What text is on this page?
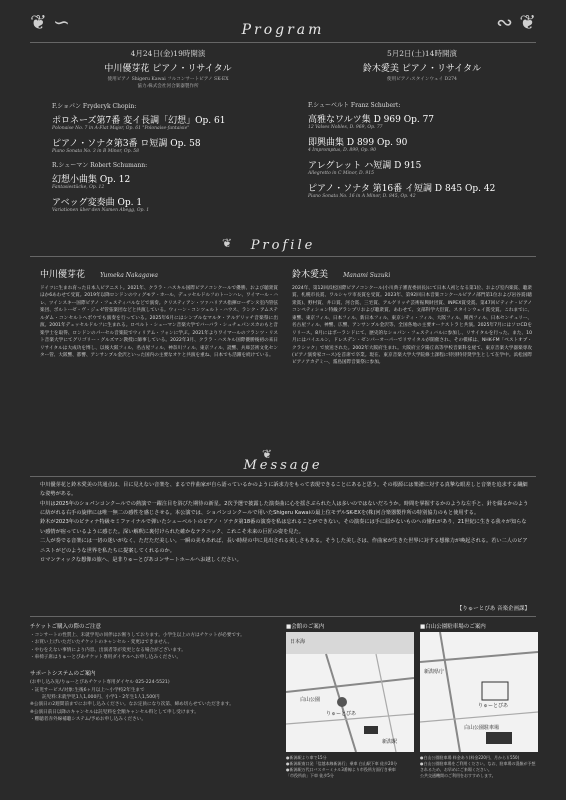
❦ ∽	∾ ❦
Program
4月24日(金)19時開演
中川優芽花 ピアノ・リサイタル
使用ピアノ Shigeru Kawai フルコンサートピアノ SK-EX
協力:株式会社河合楽器製作所
F.ショパン Fryderyk Chopin:
ポロネーズ第7番 変イ長調「幻想」Op. 61
Polonaise No. 7 in A-Flat Major, Op. 61 "Polonaise-fantaisie"
ピアノ・ソナタ第3番 ロ短調 Op. 58
Piano Sonata No. 3 in B Minor, Op. 58
R.シューマン Robert Schumann:
幻想小曲集 Op. 12
Fantasiestücke, Op. 12
アベッグ変奏曲 Op. 1
Variationen über den Namen Abegg, Op. 1
5月2日(土)14時開演
鈴木愛美 ピアノ・リサイタル
使用ピアノ:スタインウェイ D274
F.シューベルト Franz Schubert:
高雅なワルツ集 D 969 Op. 77
12 Valses Nobles, D. 969, Op. 77
即興曲集 D 899 Op. 90
4 Impromptus, D. 899, Op. 90
アレグレット ハ短調 D 915
Allegretto in C Minor, D. 915
ピアノ・ソナタ 第16番 イ短調 D 845 Op. 42
Piano Sonata No. 16 in A Minor, D. 845, Op. 42
❦	Profile
中川優芽花	Yumeka Nakagawa
ドイツに生まれ育った日本人ピアニスト。2021年、クララ・ハスキル国際ピアノコンクールで優勝、および聴衆賞ほか6あわせて受賞。2019年以降ロンドンのウィグモア・ホール、デュッセルドルフのトーンハレ、ワイマール・ハレ、ツインスキー国際ピアノ・フェスティバルなどで演奏。クリスティアン・ツァハリアス指揮ローザンヌ室内管弦楽団、ボルトーゼ・ヴ・ジュゼ管弦楽団などと共演している。ウィーン・コンツェルト・ハウス、ランク・アムステルダム・コンセルトヘボウでも演奏を行っている。2025年6月にはシンプルなマルタ・アルゲリッチ音楽祭に出演。2001年デュッセルドルフに生まれる。ロベルト・シューマン音楽大学でバーバラ・シュチェパンスカのもと音楽学士を取得、ロンドンのパーセル音楽院でウィリアム・フォンに学ぶ。2021年よりワイマールのフランツ・リスト音楽大学にてグリゴリー・グルズマン教授に師事している。2022年3月、クララ・ハスキル国際優勝後初の来日リサイタルは大成功を博し、以後大阪フィル、名古屋フィル、神奈川フィル、東京フィル、読響、兵庫芸術文化センター管、大阪響、都響、アンサンブル金沢といった国内の主要なオケと共演を重ね、日本でも活躍を続けている。
鈴木愛美	Manami Suzuki
2024年、第12回浜松国際ピアノコンクール(小川典子審査委員長)にて日本人初となる第1位、および室内楽賞、聴衆賞、札幌市長賞、ワルシャワ市長賞を受賞。2023年、第92回日本音楽コンクールピアノ部門第1位および岩谷賞(聴衆賞)、野村賞、井口賞、河合賞、三宅賞、アルゲリッチ芸術振興財団賞、INPEX賞受賞。第47回ピティナ・ピアノコンペティション特級グランプリおよび聴衆賞、あわせて、文部科学大臣賞、スタインウェイ賞受賞。これまでに、東響、東京フィル、日本フィル、新日本フィル、東京シティ・フィル、大阪フィル、関西フィル、日本センチュリー、名古屋フィル、神響、広響、アンサンブル金沢等、全国各地の主要オーケストラと共演。2025年7月にはソロCDをリリース。8月にはポーランドにて、歴史的なショパン・フェスティバルに参加し、リサイタルを行った。また、10月にはバイエルン、ドレスデン・ゼンパーオーパーでリサイタルが開催され、その模様は、NHK-FM「ベストオブ・クラシック」で放送された。2002年大阪府生まれ。大阪府立夕陽丘高等学校音楽科を経て、東京音楽大学器楽専攻(ピアノ演奏家コース)を首席で卒業。現在、東京音楽大学大学院修士課程に特別特待奨学生として在学中。浜松国際ピアノアカデミー、霧島国際音楽祭に参加。
❦
Message
中川優芽花と鈴木愛美の共通点は、目に見えない音楽を、まるで作曲家が自ら語っているかのように訴求力をもって表現できることにあると思う。その根源には楽譜に対する真摯な眼差しと音楽を追求する繊細な姿勢がある。
中川は2025年のショパンコンクールでの熱演で一躍注目を浴びた期待の新星。2次予選で披露した演奏曲に心を揺さぶられた人は多いのではないだろうか。時間を掌握するかのような左手と、針を綴るかのように紡がれる右手の旋律には唯一無二の感性を感じさせる。本公演では、ショパンコンクールで用いたShigeru Kawaiの最上位モデルSK-EXを(株)河合楽器製作所の特別協力のもと使用する。
鈴木が2023年のピティナ特級セミファイナルで弾いたシューベルトのピアノ・ソナタ第18番の演奏を私は忘れることができない。その演奏には手に届かないものへの憧れがあり、21世紀に生きる我々が知らない感情が宿っているように感じた。深い解釈に裏付けられた確かなテクニック、これこそ未来の巨匠の姿を見た。
二人が奏でる音楽には一切の迷いがなく、ただただ美しい。一瞬の美もあれば、長い時経の中に見出される美しさもある。そうした美しさは、作曲家が生きた世界に対する想像力が喚起される。若い二人のピアニストがどのような世界を私たちに提案してくれるのか。
ロマンティックな想像の旅へ、是非りゅーとぴあコンサートホールへお越しください。
【りゅーとぴあ 音楽企画課】
チケットご購入の際のご注意
・コンサートの性質上、未就学児の同伴はお断りしております。小学生以上の方はチケットが必要です。
・お買い上げいただいたチケットのキャンセル・変更はできません。
・やむをえない事情により内容、出演者等が変更となる場合がございます。
・車椅子席はりゅーとぴあチケット専用ダイヤルへお申し込みください。
サポートシステムのご案内
(お申し込み先/りゅーとぴあチケット専用ダイヤル 025-224-5521)
・託児サービス/対象:生後6ヶ月以上～小学校2年生まで
託児料:未就学児1人1,000円、小学1・2年生1人1,500円
※公演日の2週間前までにお申し込みください。なお定員になり次第、締め切らせていただきます。
※公演日前日以降のキャンセルは託児料を全額キャンセル料として申し受けます。
・難聴者赤外線補聴システム/予めお申し込みください。
■会館のご案内
日本海
新潟駅
りゅーとぴあ
白山公園
●新潟駅より車で15分
●新潟駅南口発「信越本線新潟行」乗車 白山駅下車 徒歩20分
●新潟駅万代口バスターミナル3番線より市役所方面行き乗車
「市役所前」下車 徒歩5分
■白山公園駐車場のご案内
新潟県庁
りゅーとぴあ
白山公園駐車場
●白山公園駐車場 料金あり(料金220円、月から￥550)
●白山公園駐車場をご利用ください。なお、駐車場の混雑が予想されるため、お早めにご来場ください。
公共交通機関のご利用をおすすめします。
